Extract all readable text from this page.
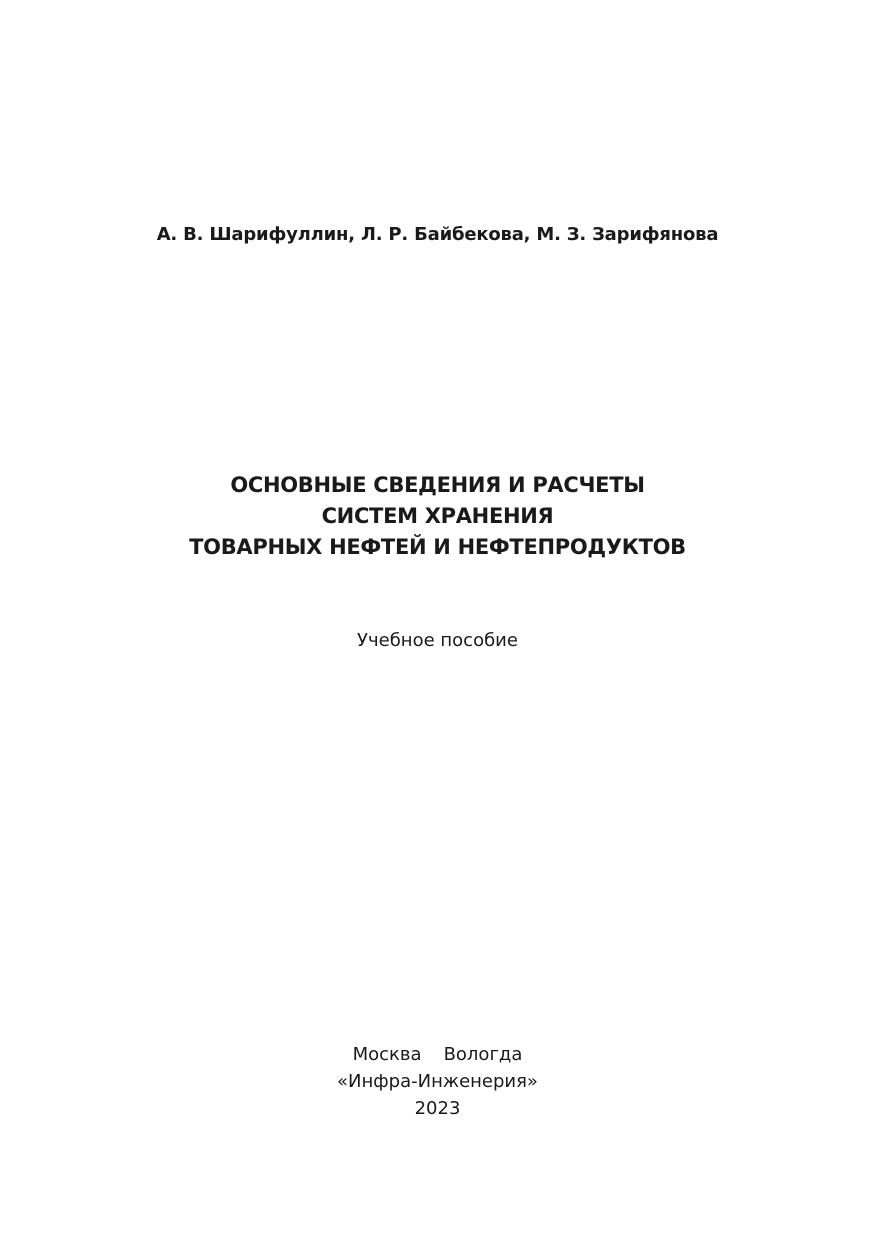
А. В. Шарифуллин, Л. Р. Байбекова, М. З. Зарифянова
ОСНОВНЫЕ СВЕДЕНИЯ И РАСЧЕТЫ
СИСТЕМ ХРАНЕНИЯ
ТОВАРНЫХ НЕФТЕЙ И НЕФТЕПРОДУКТОВ
Учебное пособие
Москва Вологда
«Инфра-Инженерия»
2023
